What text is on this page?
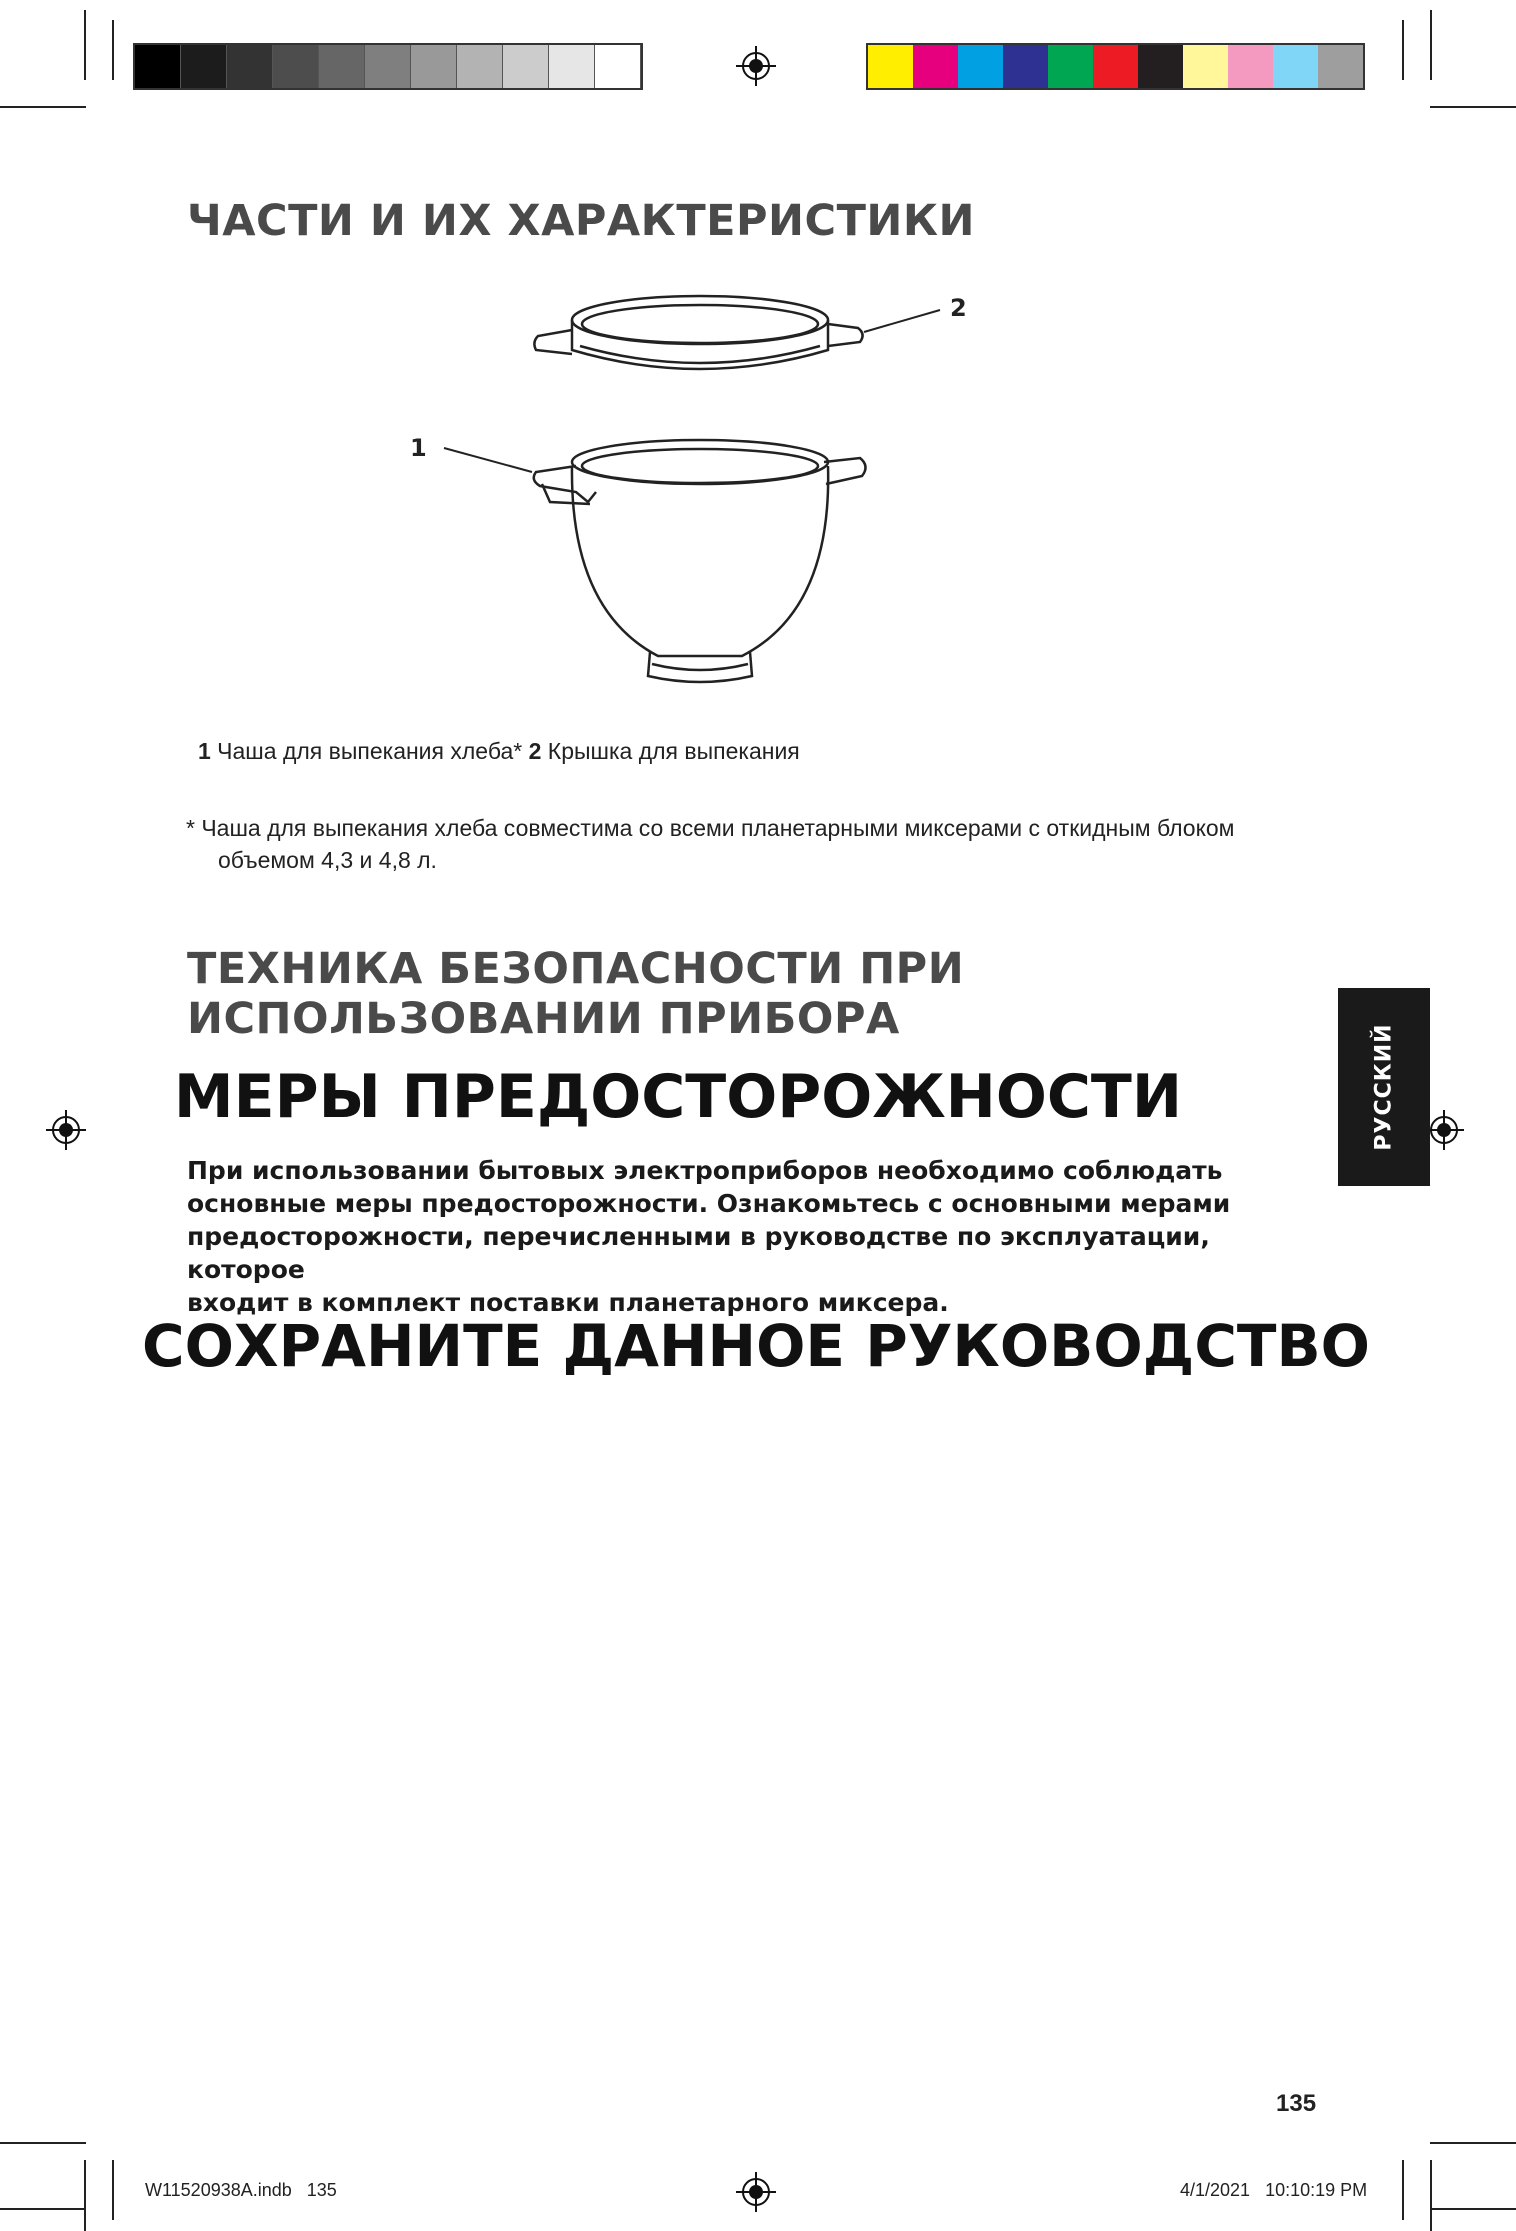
ЧАСТИ И ИХ ХАРАКТЕРИСТИКИ
2
1
1 Чаша для выпекания хлеба* 2 Крышка для выпекания
* Чаша для выпекания хлеба совместима со всеми планетарными миксерами с откидным блоком
объемом 4,3 и 4,8 л.
ТЕХНИКА БЕЗОПАСНОСТИ ПРИ
ИСПОЛЬЗОВАНИИ ПРИБОРА
МЕРЫ ПРЕДОСТОРОЖНОСТИ
При использовании бытовых электроприборов необходимо соблюдать
основные меры предосторожности. Ознакомьтесь с основными мерами
предосторожности, перечисленными в руководстве по эксплуатации, которое
входит в комплект поставки планетарного миксера.
СОХРАНИТЕ ДАННОЕ РУКОВОДСТВО
РУССКИЙ
135
W11520938A.indb   135	4/1/2021   10:10:19 PM
